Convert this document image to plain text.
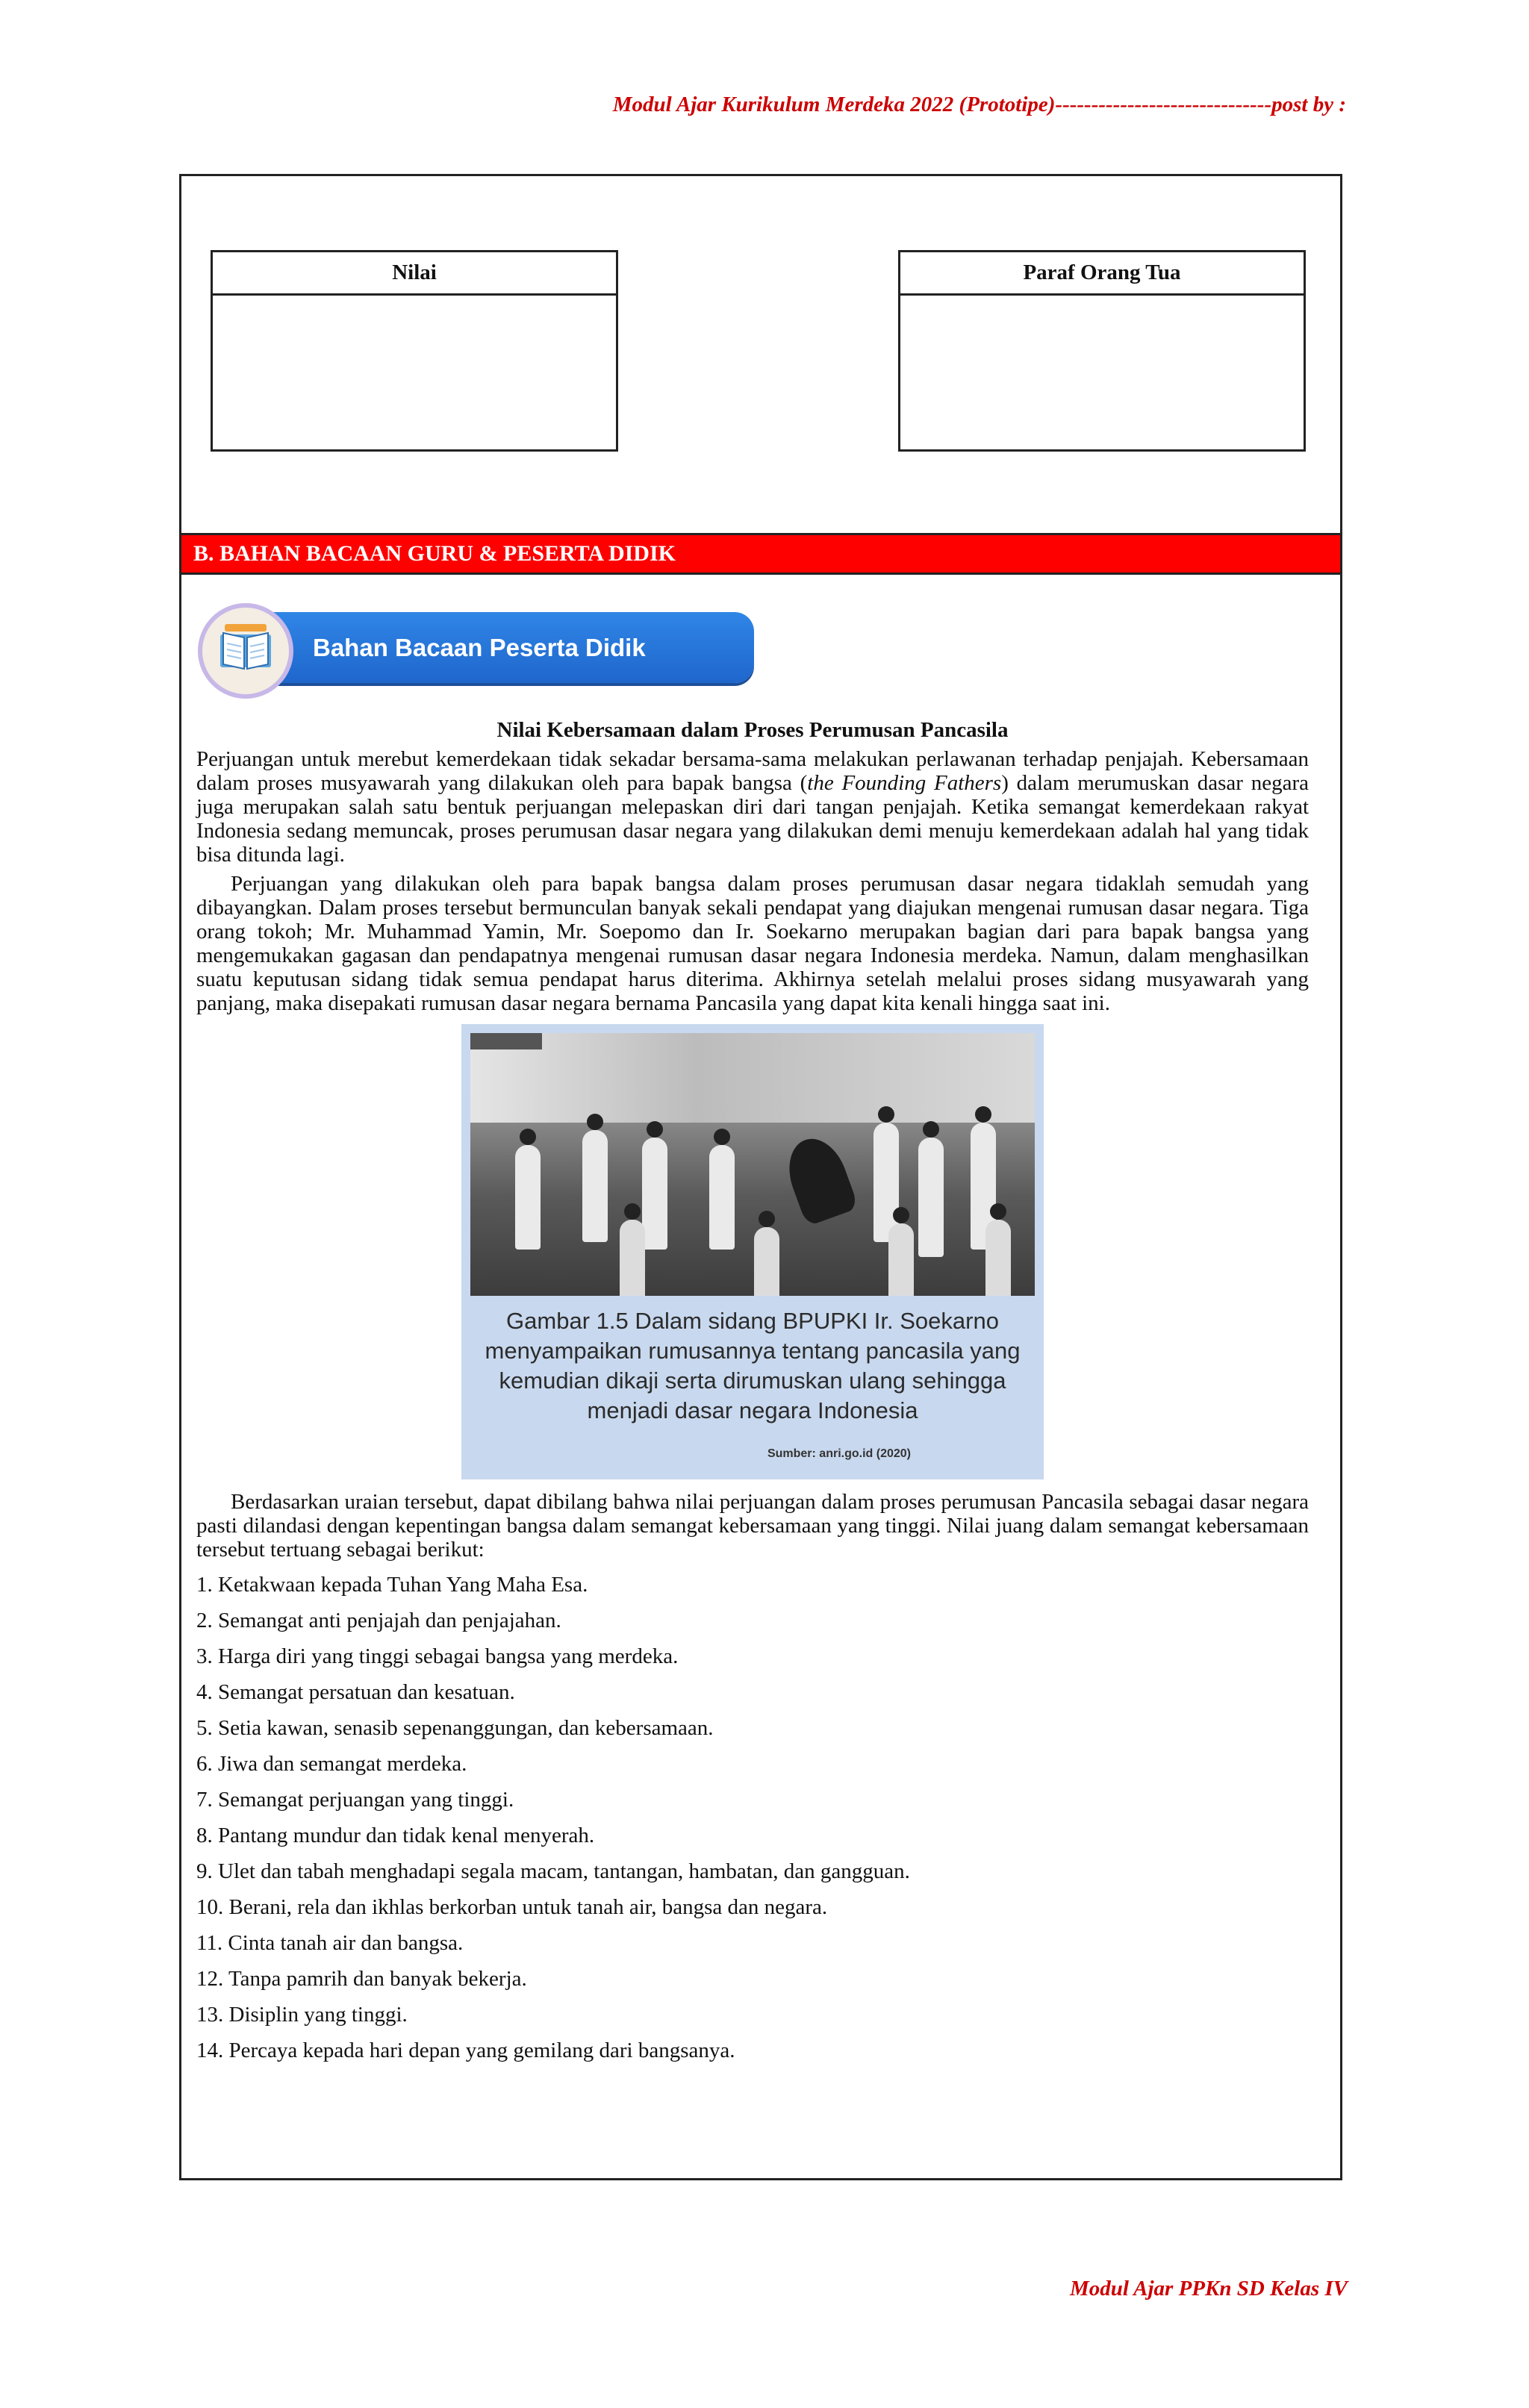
Modul Ajar Kurikulum Merdeka 2022 (Prototipe)------------------------------post by :
Nilai	Paraf Orang Tua
B. BAHAN BACAAN GURU & PESERTA DIDIK
Bahan Bacaan Peserta Didik

Nilai Kebersamaan dalam Proses Perumusan Pancasila

Perjuangan untuk merebut kemerdekaan tidak sekadar bersama-sama melakukan perlawanan terhadap penjajah. Kebersamaan dalam proses musyawarah yang dilakukan oleh para bapak bangsa (the Founding Fathers) dalam merumuskan dasar negara juga merupakan salah satu bentuk perjuangan melepaskan diri dari tangan penjajah. Ketika semangat kemerdekaan rakyat Indonesia sedang memuncak, proses perumusan dasar negara yang dilakukan demi menuju kemerdekaan adalah hal yang tidak bisa ditunda lagi.

Perjuangan yang dilakukan oleh para bapak bangsa dalam proses perumusan dasar negara tidaklah semudah yang dibayangkan. Dalam proses tersebut bermunculan banyak sekali pendapat yang diajukan mengenai rumusan dasar negara. Tiga orang tokoh; Mr. Muhammad Yamin, Mr. Soepomo dan Ir. Soekarno merupakan bagian dari para bapak bangsa yang mengemukakan gagasan dan pendapatnya mengenai rumusan dasar negara Indonesia merdeka. Namun, dalam menghasilkan suatu keputusan sidang tidak semua pendapat harus diterima. Akhirnya setelah melalui proses sidang musyawarah yang panjang, maka disepakati rumusan dasar negara bernama Pancasila yang dapat kita kenali hingga saat ini.

Gambar 1.5 Dalam sidang BPUPKI Ir. Soekarno menyampaikan rumusannya tentang pancasila yang kemudian dikaji serta dirumuskan ulang sehingga menjadi dasar negara Indonesia
Sumber: anri.go.id (2020)

Berdasarkan uraian tersebut, dapat dibilang bahwa nilai perjuangan dalam proses perumusan Pancasila sebagai dasar negara pasti dilandasi dengan kepentingan bangsa dalam semangat kebersamaan yang tinggi. Nilai juang dalam semangat kebersamaan tersebut tertuang sebagai berikut:

1. Ketakwaan kepada Tuhan Yang Maha Esa.
2. Semangat anti penjajah dan penjajahan.
3. Harga diri yang tinggi sebagai bangsa yang merdeka.
4. Semangat persatuan dan kesatuan.
5. Setia kawan, senasib sepenanggungan, dan kebersamaan.
6. Jiwa dan semangat merdeka.
7. Semangat perjuangan yang tinggi.
8. Pantang mundur dan tidak kenal menyerah.
9. Ulet dan tabah menghadapi segala macam, tantangan, hambatan, dan gangguan.
10. Berani, rela dan ikhlas berkorban untuk tanah air, bangsa dan negara.
11. Cinta tanah air dan bangsa.
12. Tanpa pamrih dan banyak bekerja.
13. Disiplin yang tinggi.
14. Percaya kepada hari depan yang gemilang dari bangsanya.
Modul Ajar PPKn SD Kelas IV
